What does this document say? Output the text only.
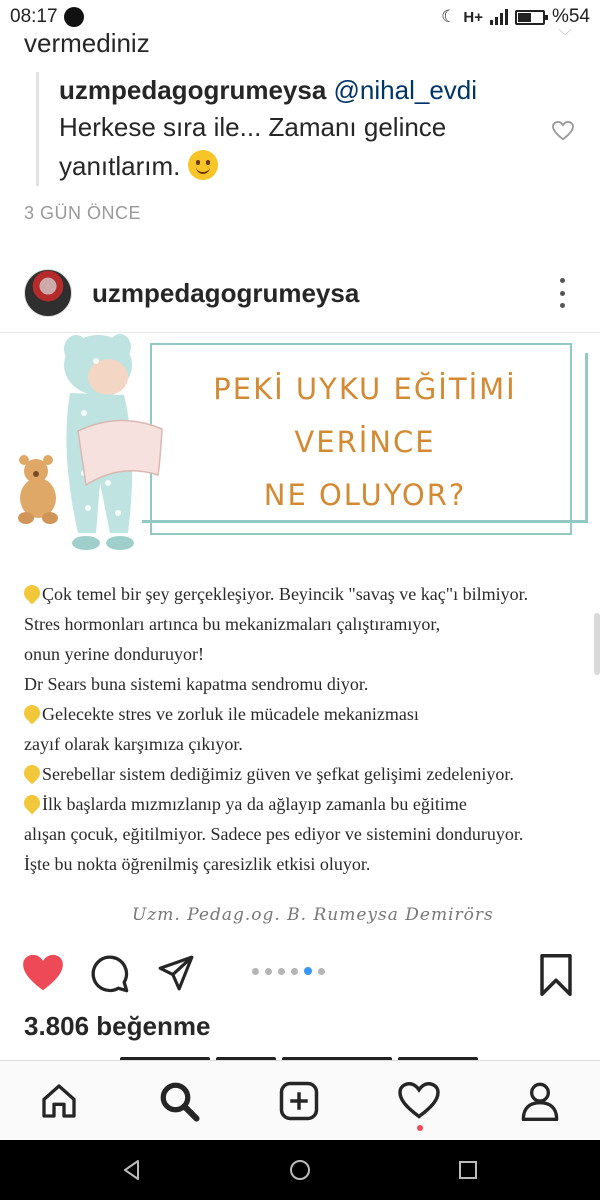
08:17	☾ H+	%54
vermediniz	﹀
uzmpedagogrumeysa @nihal_evdi
Herkese sıra ile... Zamanı gelince yanıtlarım.
3 GÜN ÖNCE
uzmpedagogrumeysa
PEKİ UYKU EĞİTİMİ
VERİNCE
NE OLUYOR?
Çok temel bir şey gerçekleşiyor. Beyincik "savaş ve kaç"ı bilmiyor.
Stres hormonları artınca bu mekanizmaları çalıştıramıyor,
onun yerine donduruyor!
Dr Sears buna sistemi kapatma sendromu diyor.
Gelecekte stres ve zorluk ile mücadele mekanizması
zayıf olarak karşımıza çıkıyor.
Serebellar sistem dediğimiz güven ve şefkat gelişimi zedeleniyor.
İlk başlarda mızmızlanıp ya da ağlayıp zamanla bu eğitime
alışan çocuk, eğitilmiyor. Sadece pes ediyor ve sistemini donduruyor.
İşte bu nokta öğrenilmiş çaresizlik etkisi oluyor.
Uzm. Pedag.og. B. Rumeysa Demirörs
3.806 beğenme
